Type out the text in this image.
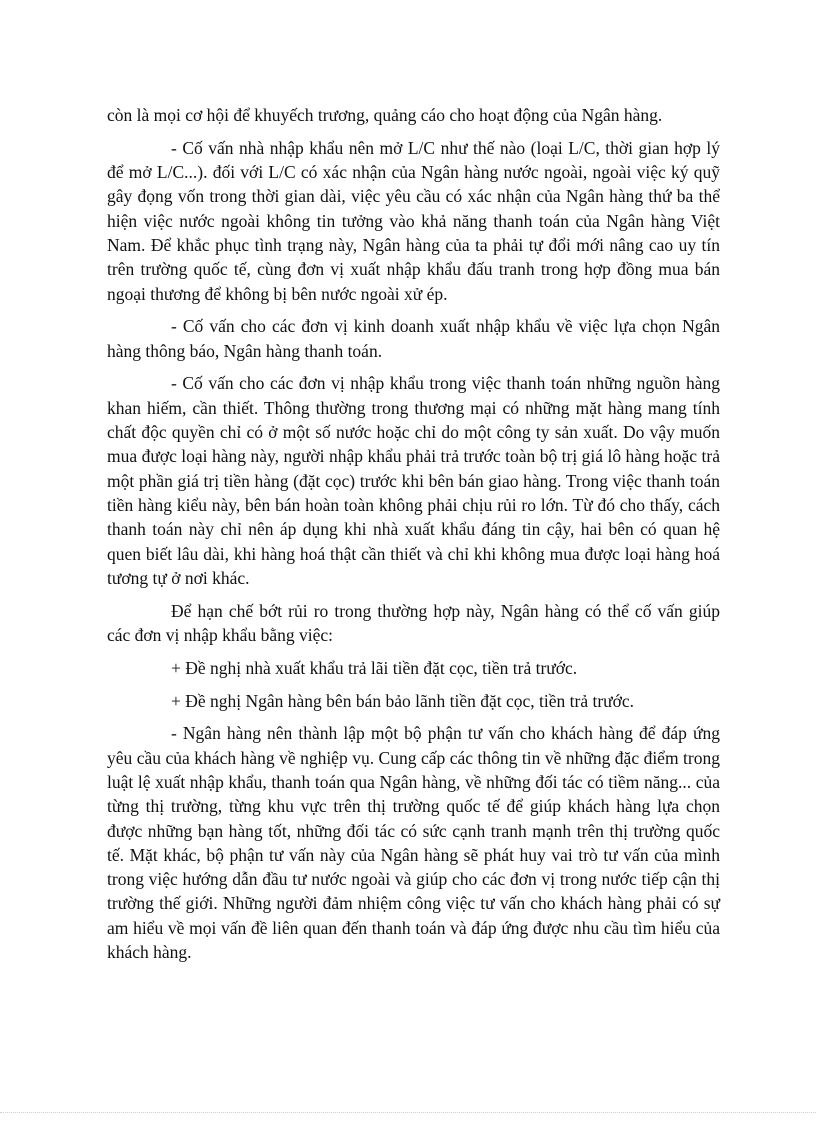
còn là mọi cơ hội để khuyếch trương, quảng cáo cho hoạt động của Ngân hàng.

- Cố vấn nhà nhập khẩu nên mở L/C như thế nào (loại L/C, thời gian hợp lý để mở L/C...). đối với L/C có xác nhận của Ngân hàng nước ngoài, ngoài việc ký quỹ gây đọng vốn trong thời gian dài, việc yêu cầu có xác nhận của Ngân hàng thứ ba thể hiện việc nước ngoài không tin tưởng vào khả năng thanh toán của Ngân hàng Việt Nam. Để khắc phục tình trạng này, Ngân hàng của ta phải tự đổi mới nâng cao uy tín trên trường quốc tế, cùng đơn vị xuất nhập khẩu đấu tranh trong hợp đồng mua bán ngoại thương để không bị bên nước ngoài xử ép.

- Cố vấn cho các đơn vị kinh doanh xuất nhập khẩu về việc lựa chọn Ngân hàng thông báo, Ngân hàng thanh toán.

- Cố vấn cho các đơn vị nhập khẩu trong việc thanh toán những nguồn hàng khan hiếm, cần thiết. Thông thường trong thương mại có những mặt hàng mang tính chất độc quyền chỉ có ở một số nước hoặc chỉ do một công ty sản xuất. Do vậy muốn mua được loại hàng này, người nhập khẩu phải trả trước toàn bộ trị giá lô hàng hoặc trả một phần giá trị tiền hàng (đặt cọc) trước khi bên bán giao hàng. Trong việc thanh toán tiền hàng kiểu này, bên bán hoàn toàn không phải chịu rủi ro lớn. Từ đó cho thấy, cách thanh toán này chỉ nên áp dụng khi nhà xuất khẩu đáng tin cậy, hai bên có quan hệ quen biết lâu dài, khi hàng hoá thật cần thiết và chỉ khi không mua được loại hàng hoá tương tự ở nơi khác.

Để hạn chế bớt rủi ro trong thường hợp này, Ngân hàng có thể cố vấn giúp các đơn vị nhập khẩu bằng việc:

+ Đề nghị nhà xuất khẩu trả lãi tiền đặt cọc, tiền trả trước.

+ Đề nghị Ngân hàng bên bán bảo lãnh tiền đặt cọc, tiền trả trước.

- Ngân hàng nên thành lập một bộ phận tư vấn cho khách hàng để đáp ứng yêu cầu của khách hàng về nghiệp vụ. Cung cấp các thông tin về những đặc điểm trong luật lệ xuất nhập khẩu, thanh toán qua Ngân hàng, về những đối tác có tiềm năng... của từng thị trường, từng khu vực trên thị trường quốc tế để giúp khách hàng lựa chọn được những bạn hàng tốt, những đối tác có sức cạnh tranh mạnh trên thị trường quốc tế. Mặt khác, bộ phận tư vấn này của Ngân hàng sẽ phát huy vai trò tư vấn của mình trong việc hướng dẫn đầu tư nước ngoài và giúp cho các đơn vị trong nước tiếp cận thị trường thế giới. Những người đảm nhiệm công việc tư vấn cho khách hàng phải có sự am hiểu về mọi vấn đề liên quan đến thanh toán và đáp ứng được nhu cầu tìm hiểu của khách hàng.
